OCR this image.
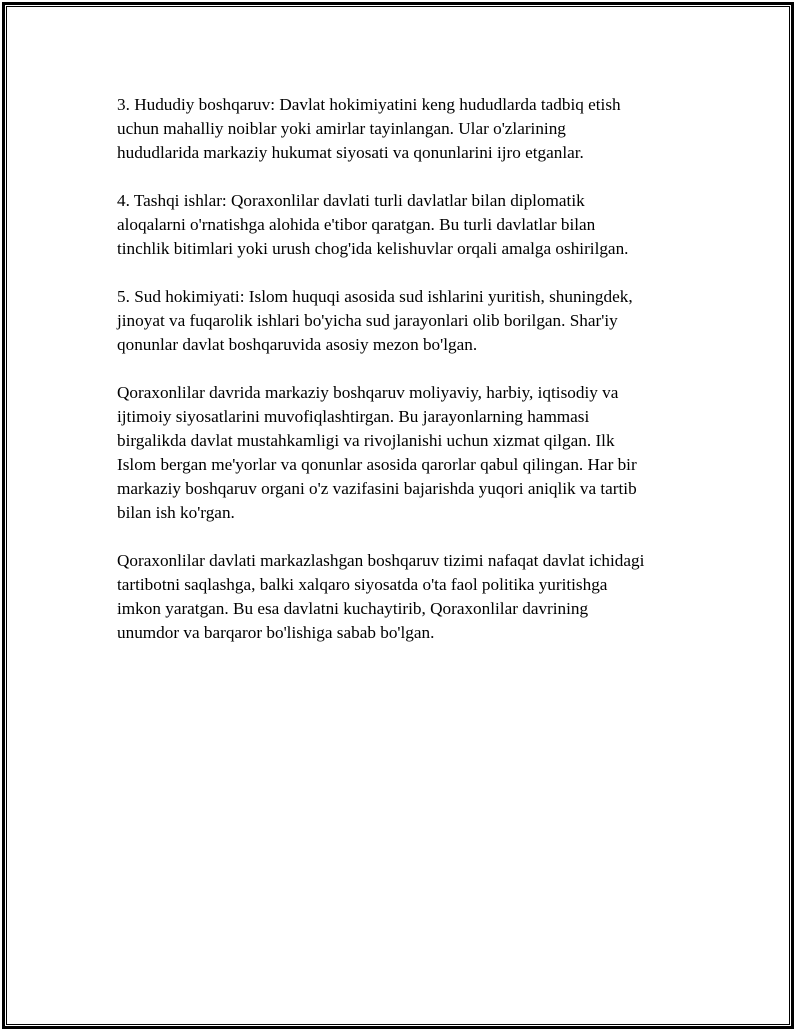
3. Hududiy boshqaruv: Davlat hokimiyatini keng hududlarda tadbiq etish
uchun mahalliy noiblar yoki amirlar tayinlangan. Ular o'zlarining
hududlarida markaziy hukumat siyosati va qonunlarini ijro etganlar.

4. Tashqi ishlar: Qoraxonlilar davlati turli davlatlar bilan diplomatik
aloqalarni o'rnatishga alohida e'tibor qaratgan. Bu turli davlatlar bilan
tinchlik bitimlari yoki urush chog'ida kelishuvlar orqali amalga oshirilgan.

5. Sud hokimiyati: Islom huquqi asosida sud ishlarini yuritish, shuningdek,
jinoyat va fuqarolik ishlari bo'yicha sud jarayonlari olib borilgan. Shar'iy
qonunlar davlat boshqaruvida asosiy mezon bo'lgan.

Qoraxonlilar davrida markaziy boshqaruv moliyaviy, harbiy, iqtisodiy va
ijtimoiy siyosatlarini muvofiqlashtirgan. Bu jarayonlarning hammasi
birgalikda davlat mustahkamligi va rivojlanishi uchun xizmat qilgan. Ilk
Islom bergan me'yorlar va qonunlar asosida qarorlar qabul qilingan. Har bir
markaziy boshqaruv organi o'z vazifasini bajarishda yuqori aniqlik va tartib
bilan ish ko'rgan.

Qoraxonlilar davlati markazlashgan boshqaruv tizimi nafaqat davlat ichidagi
tartibotni saqlashga, balki xalqaro siyosatda o'ta faol politika yuritishga
imkon yaratgan. Bu esa davlatni kuchaytirib, Qoraxonlilar davrining
unumdor va barqaror bo'lishiga sabab bo'lgan.
